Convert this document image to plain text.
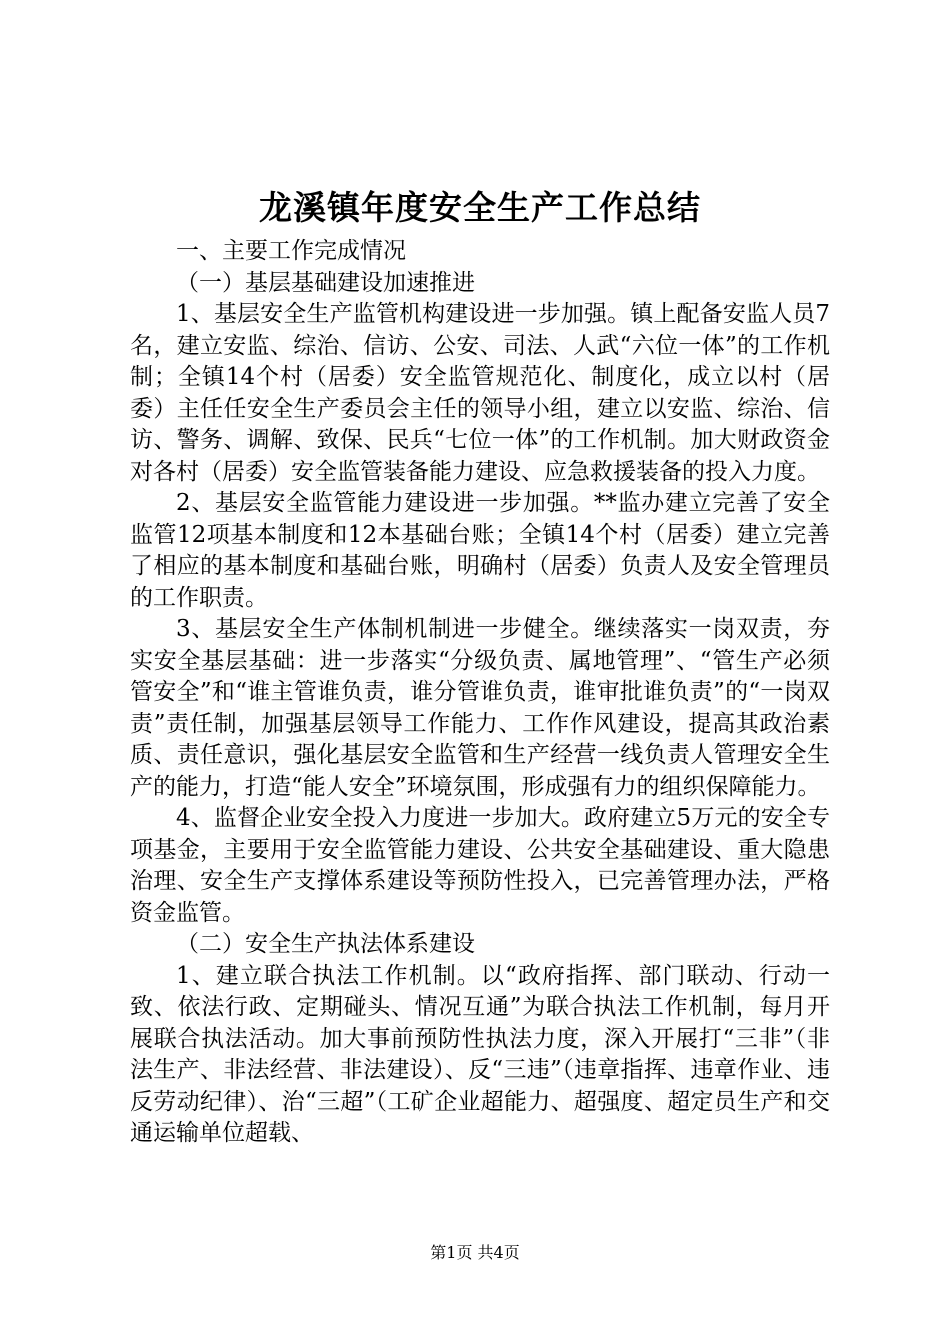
龙溪镇年度安全生产工作总结

一、主要工作完成情况

（一）基层基础建设加速推进

1、基层安全生产监管机构建设进一步加强。镇上配备安监人员7名，建立安监、综治、信访、公安、司法、人武“六位一体”的工作机制；全镇14个村（居委）安全监管规范化、制度化，成立以村（居委）主任任安全生产委员会主任的领导小组，建立以安监、综治、信访、警务、调解、致保、民兵“七位一体”的工作机制。加大财政资金对各村（居委）安全监管装备能力建设、应急救援装备的投入力度。

2、基层安全监管能力建设进一步加强。**监办建立完善了安全监管12项基本制度和12本基础台账；全镇14个村（居委）建立完善了相应的基本制度和基础台账，明确村（居委）负责人及安全管理员的工作职责。

3、基层安全生产体制机制进一步健全。继续落实一岗双责，夯实安全基层基础：进一步落实“分级负责、属地管理”、“管生产必须管安全”和“谁主管谁负责，谁分管谁负责，谁审批谁负责”的“一岗双责”责任制，加强基层领导工作能力、工作作风建设，提高其政治素质、责任意识，强化基层安全监管和生产经营一线负责人管理安全生产的能力，打造“能人安全”环境氛围，形成强有力的组织保障能力。

4、监督企业安全投入力度进一步加大。政府建立5万元的安全专项基金，主要用于安全监管能力建设、公共安全基础建设、重大隐患治理、安全生产支撑体系建设等预防性投入，已完善管理办法，严格资金监管。

（二）安全生产执法体系建设

1、建立联合执法工作机制。以“政府指挥、部门联动、行动一致、依法行政、定期碰头、情况互通”为联合执法工作机制，每月开展联合执法活动。加大事前预防性执法力度，深入开展打“三非”（非法生产、非法经营、非法建设）、反“三违”（违章指挥、违章作业、违反劳动纪律）、治“三超”（工矿企业超能力、超强度、超定员生产和交通运输单位超载、

第1页 共4页
